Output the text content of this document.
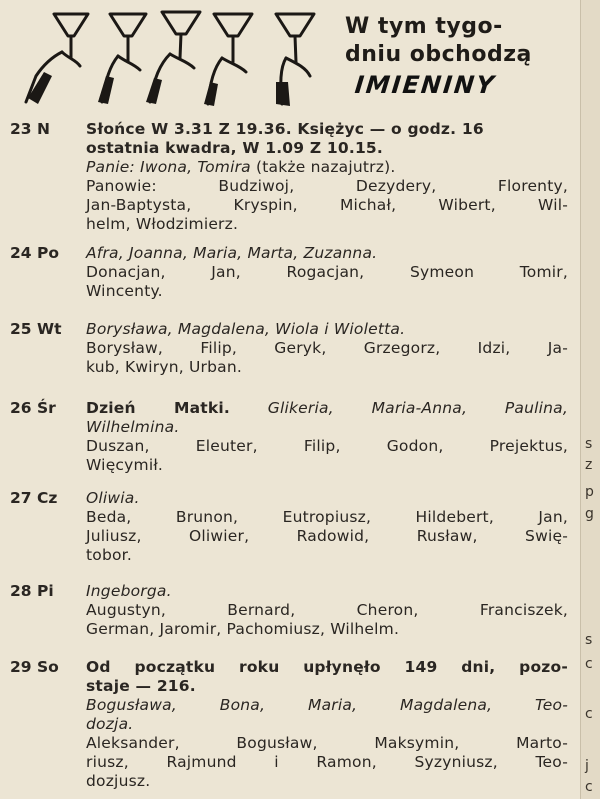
W tym tygo-
dniu obchodzą
IMIENINY
23 N	Słońce W 3.31 Z 19.36. Księżyc — o godz. 16
ostatnia kwadra, W 1.09 Z 10.15.
Panie: Iwona, Tomira (także nazajutrz).
Panowie: Budziwoj, Dezydery, Florenty,
Jan-Baptysta, Kryspin, Michał, Wibert, Wil-
helm, Włodzimierz.
24 Po	Afra, Joanna, Maria, Marta, Zuzanna.
Donacjan, Jan, Rogacjan, Symeon Tomir,
Wincenty.
25 Wt	Borysława, Magdalena, Wiola i Wioletta.
Borysław, Filip, Geryk, Grzegorz, Idzi, Ja-
kub, Kwiryn, Urban.
26 Śr	Dzień Matki. Glikeria, Maria-Anna, Paulina,
Wilhelmina.
Duszan, Eleuter, Filip, Godon, Prejektus,
Więcymił.
27 Cz	Oliwia.
Beda, Brunon, Eutropiusz, Hildebert, Jan,
Juliusz, Oliwier, Radowid, Rusław, Swię-
tobor.
28 Pi	Ingeborga.
Augustyn, Bernard, Cheron, Franciszek,
German, Jaromir, Pachomiusz, Wilhelm.
29 So	Od początku roku upłynęło 149 dni, pozo-
staje — 216.
Bogusława, Bona, Maria, Magdalena, Teo-
dozja.
Aleksander, Bogusław, Maksymin, Marto-
riusz, Rajmund i Ramon, Syzyniusz, Teo-
dozjusz.
s
z
p
g
s
c
c
j
c
